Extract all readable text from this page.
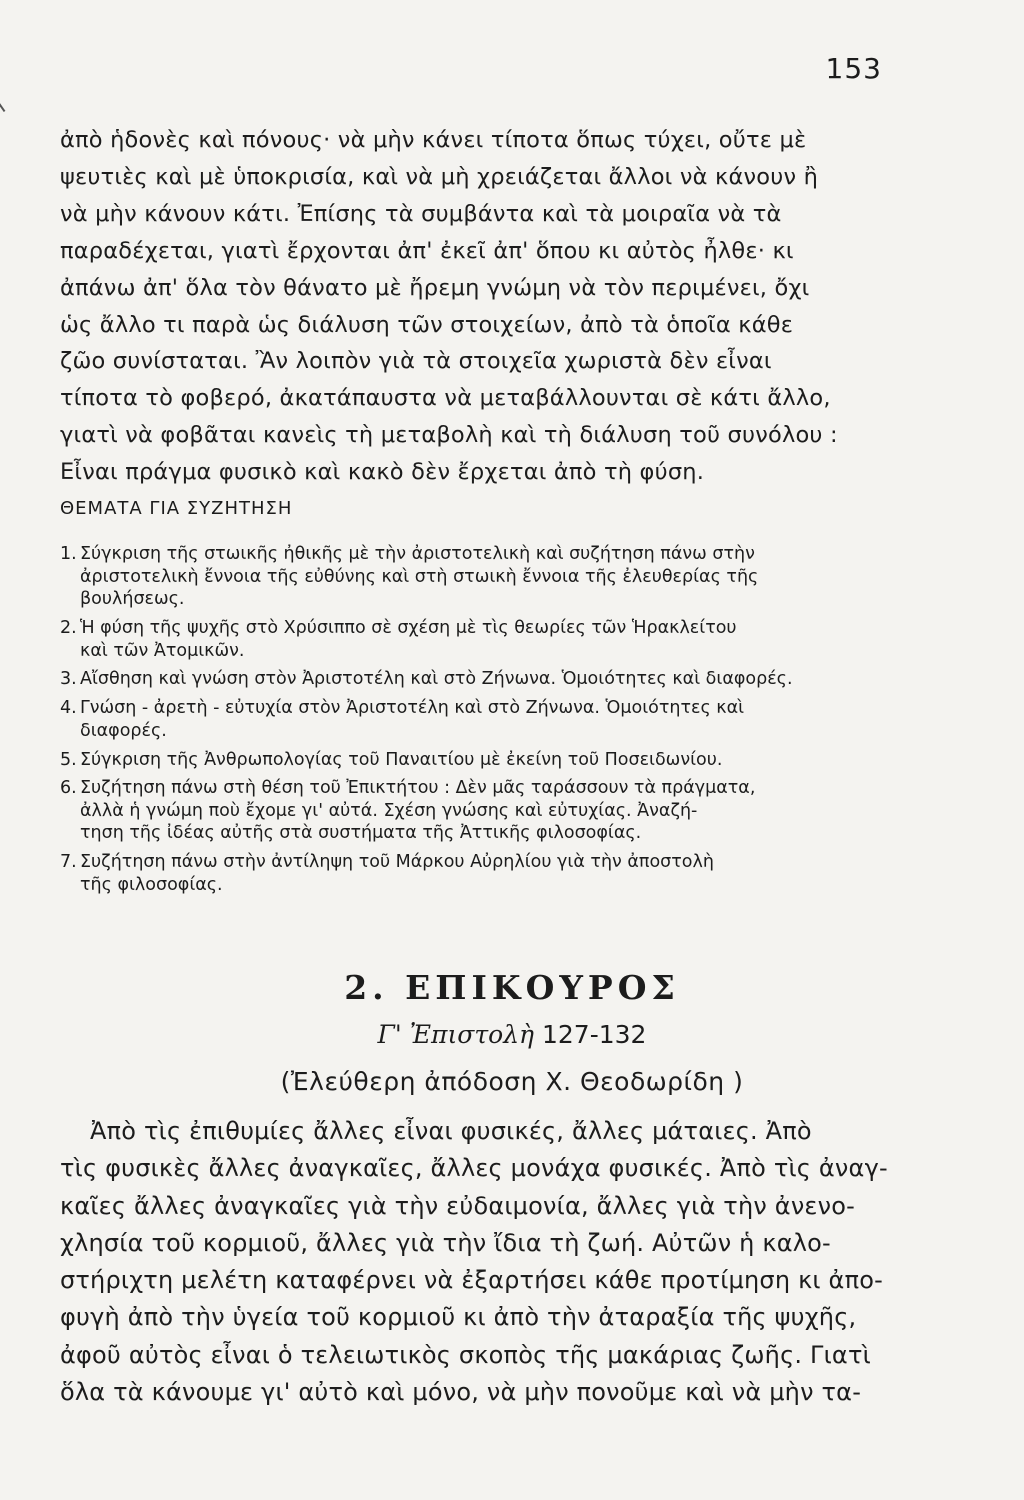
153
ἀπὸ ἡδονὲς καὶ πόνους· νὰ μὴν κάνει τίποτα ὅπως τύχει, οὔτε μὲ
ψευτιὲς καὶ μὲ ὑποκρισία, καὶ νὰ μὴ χρειάζεται ἄλλοι νὰ κάνουν ἢ
νὰ μὴν κάνουν κάτι. Ἐπίσης τὰ συμβάντα καὶ τὰ μοιραῖα νὰ τὰ
παραδέχεται, γιατὶ ἔρχονται ἀπ' ἐκεῖ ἀπ' ὅπου κι αὐτὸς ἦλθε· κι
ἀπάνω ἀπ' ὅλα τὸν θάνατο μὲ ἤρεμη γνώμη νὰ τὸν περιμένει, ὄχι
ὡς ἄλλο τι παρὰ ὡς διάλυση τῶν στοιχείων, ἀπὸ τὰ ὁποῖα κάθε
ζῶο συνίσταται. Ἂν λοιπὸν γιὰ τὰ στοιχεῖα χωριστὰ δὲν εἶναι
τίποτα τὸ φοβερό, ἀκατάπαυστα νὰ μεταβάλλουνται σὲ κάτι ἄλλο,
γιατὶ νὰ φοβᾶται κανεὶς τὴ μεταβολὴ καὶ τὴ διάλυση τοῦ συνόλου :
Εἶναι πράγμα φυσικὸ καὶ κακὸ δὲν ἔρχεται ἀπὸ τὴ φύση.
ΘΕΜΑΤΑ ΓΙΑ ΣΥΖΗΤΗΣΗ
1. Σύγκριση τῆς στωικῆς ἠθικῆς μὲ τὴν ἀριστοτελικὴ καὶ συζήτηση πάνω στὴν
ἀριστοτελικὴ ἔννοια τῆς εὐθύνης καὶ στὴ στωικὴ ἔννοια τῆς ἐλευθερίας τῆς
βουλήσεως.
2. Ἡ φύση τῆς ψυχῆς στὸ Χρύσιππο σὲ σχέση μὲ τὶς θεωρίες τῶν Ἡρακλείτου
καὶ τῶν Ἀτομικῶν.
3. Αἴσθηση καὶ γνώση στὸν Ἀριστοτέλη καὶ στὸ Ζήνωνα. Ὁμοιότητες καὶ διαφορές.
4. Γνώση - ἀρετὴ - εὐτυχία στὸν Ἀριστοτέλη καὶ στὸ Ζήνωνα. Ὁμοιότητες καὶ
διαφορές.
5. Σύγκριση τῆς Ἀνθρωπολογίας τοῦ Παναιτίου μὲ ἐκείνη τοῦ Ποσειδωνίου.
6. Συζήτηση πάνω στὴ θέση τοῦ Ἐπικτήτου : Δὲν μᾶς ταράσσουν τὰ πράγματα,
ἀλλὰ ἡ γνώμη ποὺ ἔχομε γι' αὐτά. Σχέση γνώσης καὶ εὐτυχίας. Ἀναζή-
τηση τῆς ἰδέας αὐτῆς στὰ συστήματα τῆς Ἀττικῆς φιλοσοφίας.
7. Συζήτηση πάνω στὴν ἀντίληψη τοῦ Μάρκου Αὐρηλίου γιὰ τὴν ἀποστολὴ
τῆς φιλοσοφίας.
2. ΕΠΙΚΟΥΡΟΣ
Γ' Ἐπιστολὴ 127-132
(Ἐλεύθερη ἀπόδοση Χ. Θεοδωρίδη )
Ἀπὸ τὶς ἐπιθυμίες ἄλλες εἶναι φυσικές, ἄλλες μάταιες. Ἀπὸ
τὶς φυσικὲς ἄλλες ἀναγκαῖες, ἄλλες μονάχα φυσικές. Ἀπὸ τὶς ἀναγ-
καῖες ἄλλες ἀναγκαῖες γιὰ τὴν εὐδαιμονία, ἄλλες γιὰ τὴν ἀνενο-
χλησία τοῦ κορμιοῦ, ἄλλες γιὰ τὴν ἴδια τὴ ζωή. Αὐτῶν ἡ καλο-
στήριχτη μελέτη καταφέρνει νὰ ἐξαρτήσει κάθε προτίμηση κι ἀπο-
φυγὴ ἀπὸ τὴν ὑγεία τοῦ κορμιοῦ κι ἀπὸ τὴν ἀταραξία τῆς ψυχῆς,
ἀφοῦ αὐτὸς εἶναι ὁ τελειωτικὸς σκοπὸς τῆς μακάριας ζωῆς. Γιατὶ
ὅλα τὰ κάνουμε γι' αὐτὸ καὶ μόνο, νὰ μὴν πονοῦμε καὶ νὰ μὴν τα-
